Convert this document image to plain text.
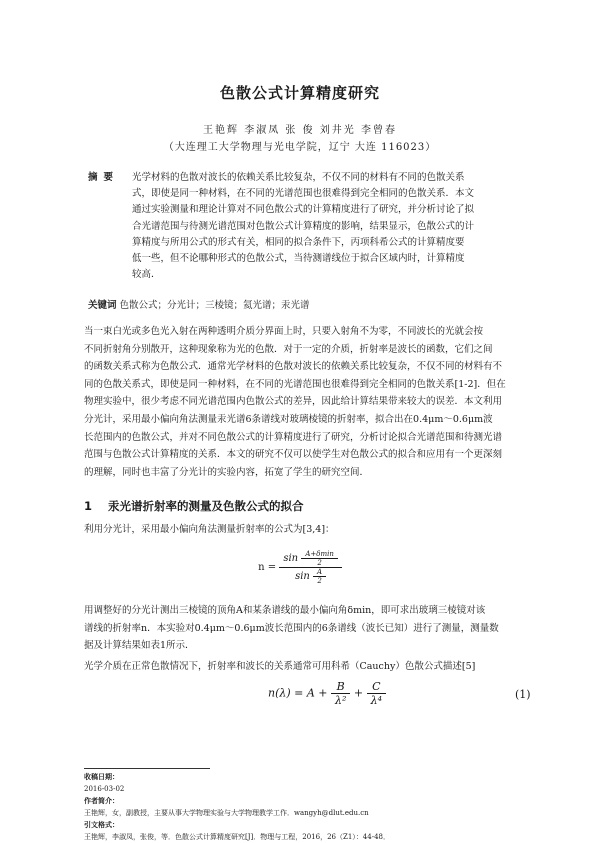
色散公式计算精度研究
王艳辉 李淑凤 张 俊 刘井光 李曾春
（大连理工大学物理与光电学院，辽宁 大连 116023）
摘要 光学材料的色散对波长的依赖关系比较复杂，不仅不同的材料有不同的色散关系
式，即使是同一种材料，在不同的光谱范围也很难得到完全相同的色散关系．本文
通过实验测量和理论计算对不同色散公式的计算精度进行了研究，并分析讨论了拟
合光谱范围与待测光谱范围对色散公式计算精度的影响，结果显示，色散公式的计
算精度与所用公式的形式有关，相同的拟合条件下，丙项科希公式的计算精度要
低一些，但不论哪种形式的色散公式，当待测谱线位于拟合区域内时，计算精度
较高．
关键词 色散公式；分光计；三棱镜；氦光谱；汞光谱
当一束白光或多色光入射在两种透明介质分界面上时，只要入射角不为零，不同波长的光就会按
不同折射角分别散开，这种现象称为光的色散．对于一定的介质，折射率是波长的函数，它们之间
的函数关系式称为色散公式．通常光学材料的色散对波长的依赖关系比较复杂，不仅不同的材料有不
同的色散关系式，即使是同一种材料，在不同的光谱范围也很难得到完全相同的色散关系[1-2]．但在
物理实验中，很少考虑不同光谱范围内色散公式的差异，因此给计算结果带来较大的误差．本文利用
分光计，采用最小偏向角法测量汞光谱6条谱线对玻璃棱镜的折射率，拟合出在0.4μm～0.6μm波
长范围内的色散公式，并对不同色散公式的计算精度进行了研究，分析讨论拟合光谱范围和待测光谱
范围与色散公式计算精度的关系．本文的研究不仅可以使学生对色散公式的拟合和应用有一个更深刻
的理解，同时也丰富了分光计的实验内容，拓宽了学生的研究空间．
1 汞光谱折射率的测量及色散公式的拟合
利用分光计，采用最小偏向角法测量折射率的公式为[3,4]：
$n = \frac{\sin \frac{A+\delta\min}{2}}{\sin \frac{A}{2}}$
用调整好的分光计测出三棱镜的顶角A和某条谱线的最小偏向角δmin，即可求出玻璃三棱镜对该
谱线的折射率n．本实验对0.4μm～0.6μm波长范围内的6条谱线（波长已知）进行了测量，测量数
据及计算结果如表1所示．
光学介质在正常色散情况下，折射率和波长的关系通常可用科希（Cauchy）色散公式描述[5]
$n(\lambda) = A + \frac{B}{\text{λ²}} + \frac{C}{\text{λ⁴}}$	(1)
收稿日期：
2016-03-02
作者简介：
王艳辉，女，副教授，主要从事大学物理实验与大学物理教学工作．wangyh@dlut.edu.cn
引文格式：
王艳辉，李淑凤，张俊，等．色散公式计算精度研究[J]．物理与工程，2016，26（Z1）：44-48．
